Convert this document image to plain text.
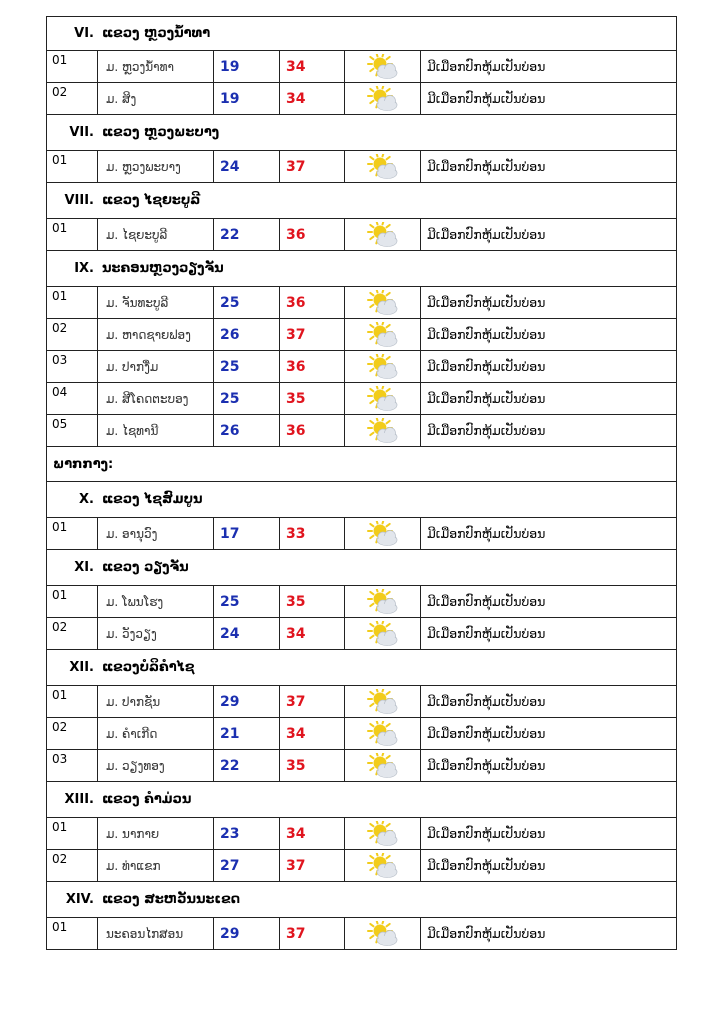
VI. ແຂວງ ຫຼວງນ້ຳທາ
01	ມ. ຫຼວງນ້ຳທາ	19	34	ມີເມືອກປົກຫຸ້ມເປັນບ່ອນ
02	ມ. ສິງ	19	34	ມີເມືອກປົກຫຸ້ມເປັນບ່ອນ
VII. ແຂວງ ຫຼວງພະບາງ
01	ມ. ຫຼວງພະບາງ	24	37	ມີເມືອກປົກຫຸ້ມເປັນບ່ອນ
VIII. ແຂວງ ໄຊຍະບູລີ
01	ມ. ໄຊຍະບູລີ	22	36	ມີເມືອກປົກຫຸ້ມເປັນບ່ອນ
IX. ນະຄອນຫຼວງວຽງຈັນ
01	ມ. ຈັນທະບູລີ	25	36	ມີເມືອກປົກຫຸ້ມເປັນບ່ອນ
02	ມ. ຫາດຊາຍຟອງ	26	37	ມີເມືອກປົກຫຸ້ມເປັນບ່ອນ
03	ມ. ປາກງື່ມ	25	36	ມີເມືອກປົກຫຸ້ມເປັນບ່ອນ
04	ມ. ສີໂຄດຕະບອງ	25	35	ມີເມືອກປົກຫຸ້ມເປັນບ່ອນ
05	ມ. ໄຊທານີ	26	36	ມີເມືອກປົກຫຸ້ມເປັນບ່ອນ
ພາກກາງ:
X. ແຂວງ ໄຊສົມບູນ
01	ມ. ອານຸວົງ	17	33	ມີເມືອກປົກຫຸ້ມເປັນບ່ອນ
XI. ແຂວງ ວຽງຈັນ
01	ມ. ໂພນໂຮງ	25	35	ມີເມືອກປົກຫຸ້ມເປັນບ່ອນ
02	ມ. ວັງວຽງ	24	34	ມີເມືອກປົກຫຸ້ມເປັນບ່ອນ
XII. ແຂວງບໍລິຄຳໄຊ
01	ມ. ປາກຊັນ	29	37	ມີເມືອກປົກຫຸ້ມເປັນບ່ອນ
02	ມ. ຄຳເກີດ	21	34	ມີເມືອກປົກຫຸ້ມເປັນບ່ອນ
03	ມ. ວຽງທອງ	22	35	ມີເມືອກປົກຫຸ້ມເປັນບ່ອນ
XIII. ແຂວງ ຄຳມ່ວນ
01	ມ. ນາກາຍ	23	34	ມີເມືອກປົກຫຸ້ມເປັນບ່ອນ
02	ມ. ທ່າແຂກ	27	37	ມີເມືອກປົກຫຸ້ມເປັນບ່ອນ
XIV. ແຂວງ ສະຫວັນນະເຂດ
01	ນະຄອນໄກສອນ	29	37	ມີເມືອກປົກຫຸ້ມເປັນບ່ອນ
